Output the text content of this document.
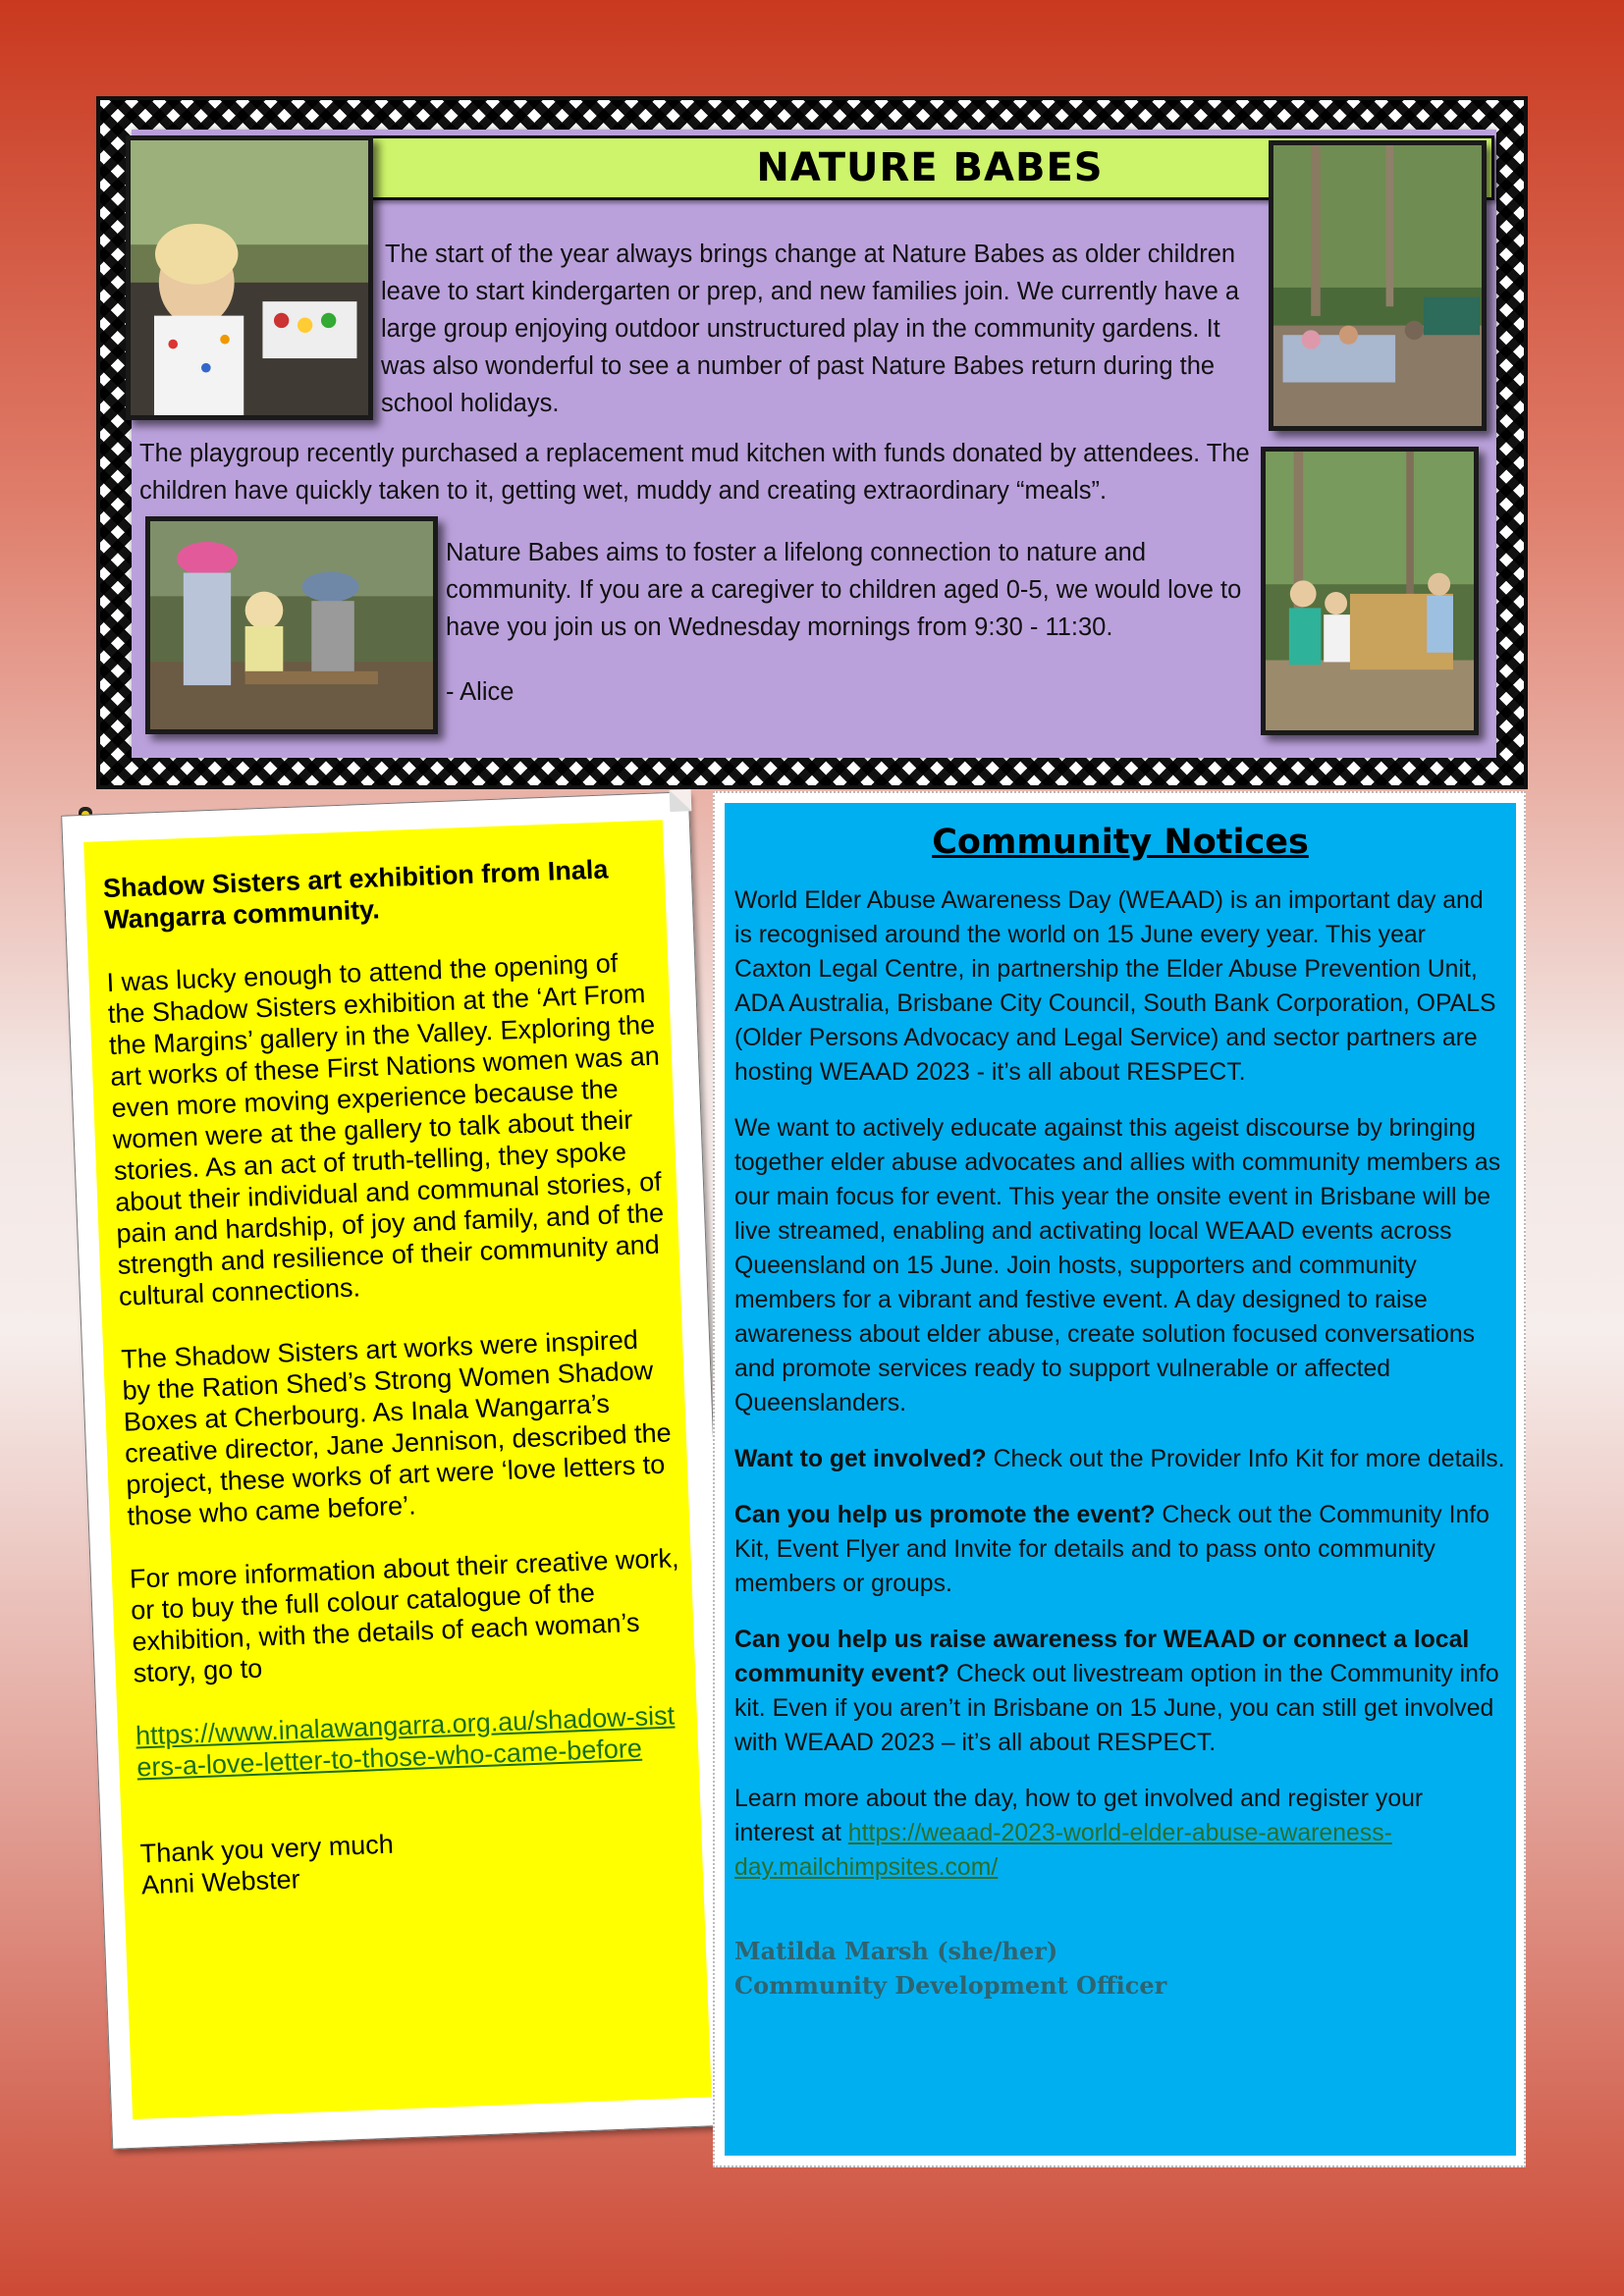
NATURE BABES
The start of the year always brings change at Nature Babes as older children leave to start kindergarten or prep, and new families join. We currently have a large group enjoying outdoor unstructured play in the community gardens. It was also wonderful to see a number of past Nature Babes return during the school holidays.
The playgroup recently purchased a replacement mud kitchen with funds donated by attendees. The children have quickly taken to it, getting wet, muddy and creating extraordinary “meals”.
Nature Babes aims to foster a lifelong connection to nature and community. If you are a caregiver to children aged 0-5, we would love to have you join us on Wednesday mornings from 9:30 - 11:30.
- Alice

Shadow Sisters art exhibition from Inala Wangarra community.

I was lucky enough to attend the opening of the Shadow Sisters exhibition at the ‘Art From the Margins’ gallery in the Valley. Exploring the art works of these First Nations women was an even more moving experience because the women were at the gallery to talk about their stories. As an act of truth-telling, they spoke about their individual and communal stories, of pain and hardship, of joy and family, and of the strength and resilience of their community and cultural connections.

The Shadow Sisters art works were inspired by the Ration Shed’s Strong Women Shadow Boxes at Cherbourg. As Inala Wangarra’s creative director, Jane Jennison, described the project, these works of art were ‘love letters to those who came before’.

For more information about their creative work, or to buy the full colour catalogue of the exhibition, with the details of each woman’s story, go to

https://www.inalawangarra.org.au/shadow-sisters-a-love-letter-to-those-who-came-before

Thank you very much
Anni Webster

Community Notices

World Elder Abuse Awareness Day (WEAAD) is an important day and is recognised around the world on 15 June every year. This year Caxton Legal Centre, in partnership the Elder Abuse Prevention Unit, ADA Australia, Brisbane City Council, South Bank Corporation, OPALS (Older Persons Advocacy and Legal Service) and sector partners are hosting WEAAD 2023 - it’s all about RESPECT.

We want to actively educate against this ageist discourse by bringing together elder abuse advocates and allies with community members as our main focus for event. This year the onsite event in Brisbane will be live streamed, enabling and activating local WEAAD events across Queensland on 15 June. Join hosts, supporters and community members for a vibrant and festive event. A day designed to raise awareness about elder abuse, create solution focused conversations and promote services ready to support vulnerable or affected Queenslanders.

Want to get involved? Check out the Provider Info Kit for more details.

Can you help us promote the event? Check out the Community Info Kit, Event Flyer and Invite for details and to pass onto community members or groups.

Can you help us raise awareness for WEAAD or connect a local community event? Check out livestream option in the Community info kit. Even if you aren’t in Brisbane on 15 June, you can still get involved with WEAAD 2023 – it’s all about RESPECT.

Learn more about the day, how to get involved and register your interest at https://weaad-2023-world-elder-abuse-awareness-day.mailchimpsites.com/

Matilda Marsh (she/her)
Community Development Officer
